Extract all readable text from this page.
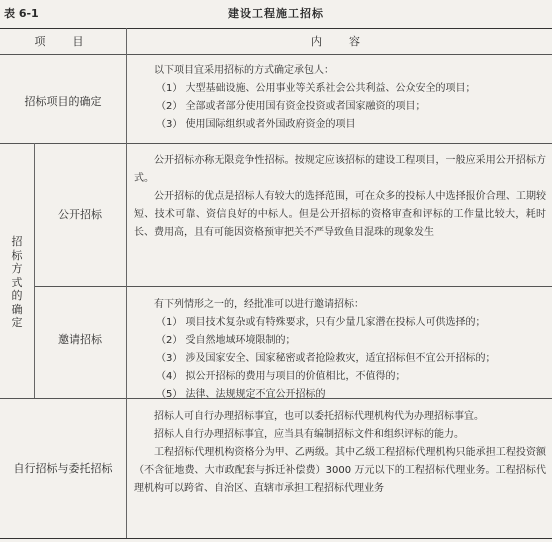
表 6-1	建设工程施工招标
项　目	内　容
招标项目的确定

以下项目宜采用招标的方式确定承包人：

（1） 大型基础设施、公用事业等关系社会公共利益、公众安全的项目；

（2） 全部或者部分使用国有资金投资或者国家融资的项目；

（3） 使用国际组织或者外国政府资金的项目

招
标
方
式
的
确
定
公开招标

公开招标亦称无限竞争性招标。按规定应该招标的建设工程项目，一般应采用公开招标方式。

公开招标的优点是招标人有较大的选择范围，可在众多的投标人中选择报价合理、工期较短、技术可靠、资信良好的中标人。但是公开招标的资格审查和评标的工作量比较大，耗时长、费用高，且有可能因资格预审把关不严导致鱼目混珠的现象发生

邀请招标

有下列情形之一的，经批准可以进行邀请招标：

（1） 项目技术复杂或有特殊要求，只有少量几家潜在投标人可供选择的；

（2） 受自然地域环境限制的；

（3） 涉及国家安全、国家秘密或者抢险救灾，适宜招标但不宜公开招标的；

（4） 拟公开招标的费用与项目的价值相比，不值得的；

（5） 法律、法规规定不宜公开招标的

自行招标与委托招标

招标人可自行办理招标事宜，也可以委托招标代理机构代为办理招标事宜。

招标人自行办理招标事宜，应当具有编制招标文件和组织评标的能力。

工程招标代理机构资格分为甲、乙两级。其中乙级工程招标代理机构只能承担工程投资额（不含征地费、大市政配套与拆迁补偿费）3000 万元以下的工程招标代理业务。工程招标代理机构可以跨省、自治区、直辖市承担工程招标代理业务
